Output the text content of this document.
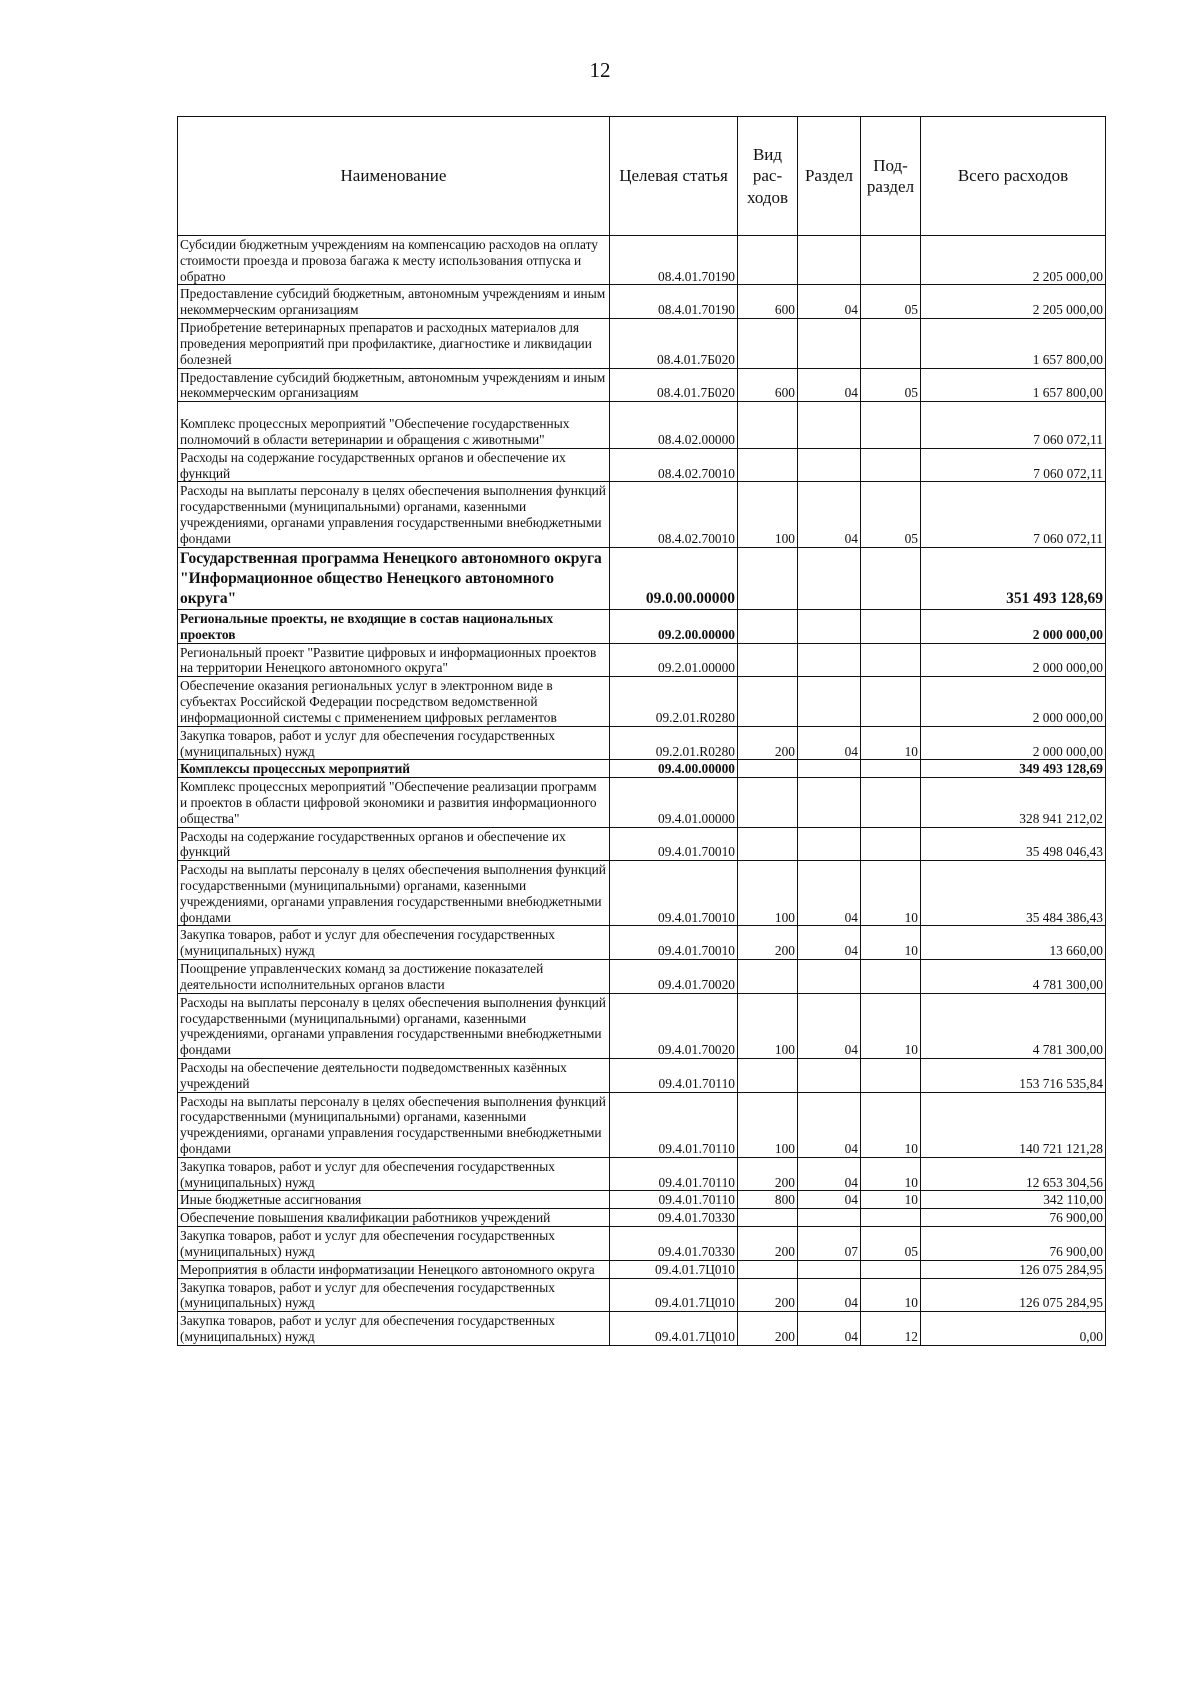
12
Наименование	Целевая статья	Вид рас-ходов	Раздел	Под-раздел	Всего расходов
Субсидии бюджетным учреждениям на компенсацию расходов на оплату стоимости проезда и провоза багажа к месту использования отпуска и обратно	08.4.01.70190				2 205 000,00
Предоставление субсидий бюджетным, автономным учреждениям и иным некоммерческим организациям	08.4.01.70190	600	04	05	2 205 000,00
Приобретение ветеринарных препаратов и расходных материалов для проведения мероприятий при профилактике, диагностике и ликвидации болезней	08.4.01.7Б020				1 657 800,00
Предоставление субсидий бюджетным, автономным учреждениям и иным некоммерческим организациям	08.4.01.7Б020	600	04	05	1 657 800,00
Комплекс процессных мероприятий "Обеспечение государственных полномочий в области ветеринарии и обращения с животными"	08.4.02.00000				7 060 072,11
Расходы на содержание государственных органов и обеспечение их функций	08.4.02.70010				7 060 072,11
Расходы на выплаты персоналу в целях обеспечения выполнения функций государственными (муниципальными) органами, казенными учреждениями, органами управления государственными внебюджетными фондами	08.4.02.70010	100	04	05	7 060 072,11
Государственная программа Ненецкого автономного округа "Информационное общество Ненецкого автономного округа"	09.0.00.00000				351 493 128,69
Региональные проекты, не входящие в состав национальных проектов	09.2.00.00000				2 000 000,00
Региональный проект "Развитие цифровых и информационных проектов на территории Ненецкого автономного округа"	09.2.01.00000				2 000 000,00
Обеспечение оказания региональных услуг в электронном виде в субъектах Российской Федерации посредством ведомственной информационной системы с применением цифровых регламентов	09.2.01.R0280				2 000 000,00
Закупка товаров, работ и услуг для обеспечения государственных (муниципальных) нужд	09.2.01.R0280	200	04	10	2 000 000,00
Комплексы процессных мероприятий	09.4.00.00000				349 493 128,69
Комплекс процессных мероприятий "Обеспечение реализации программ и проектов в области цифровой экономики и развития информационного общества"	09.4.01.00000				328 941 212,02
Расходы на содержание государственных органов и обеспечение их функций	09.4.01.70010				35 498 046,43
Расходы на выплаты персоналу в целях обеспечения выполнения функций государственными (муниципальными) органами, казенными учреждениями, органами управления государственными внебюджетными фондами	09.4.01.70010	100	04	10	35 484 386,43
Закупка товаров, работ и услуг для обеспечения государственных (муниципальных) нужд	09.4.01.70010	200	04	10	13 660,00
Поощрение управленческих команд за достижение показателей деятельности исполнительных органов власти	09.4.01.70020				4 781 300,00
Расходы на выплаты персоналу в целях обеспечения выполнения функций государственными (муниципальными) органами, казенными учреждениями, органами управления государственными внебюджетными фондами	09.4.01.70020	100	04	10	4 781 300,00
Расходы на обеспечение деятельности подведомственных казённых учреждений	09.4.01.70110				153 716 535,84
Расходы на выплаты персоналу в целях обеспечения выполнения функций государственными (муниципальными) органами, казенными учреждениями, органами управления государственными внебюджетными фондами	09.4.01.70110	100	04	10	140 721 121,28
Закупка товаров, работ и услуг для обеспечения государственных (муниципальных) нужд	09.4.01.70110	200	04	10	12 653 304,56
Иные бюджетные ассигнования	09.4.01.70110	800	04	10	342 110,00
Обеспечение повышения квалификации работников учреждений	09.4.01.70330				76 900,00
Закупка товаров, работ и услуг для обеспечения государственных (муниципальных) нужд	09.4.01.70330	200	07	05	76 900,00
Мероприятия в области информатизации Ненецкого автономного округа	09.4.01.7Ц010				126 075 284,95
Закупка товаров, работ и услуг для обеспечения государственных (муниципальных) нужд	09.4.01.7Ц010	200	04	10	126 075 284,95
Закупка товаров, работ и услуг для обеспечения государственных (муниципальных) нужд	09.4.01.7Ц010	200	04	12	0,00
